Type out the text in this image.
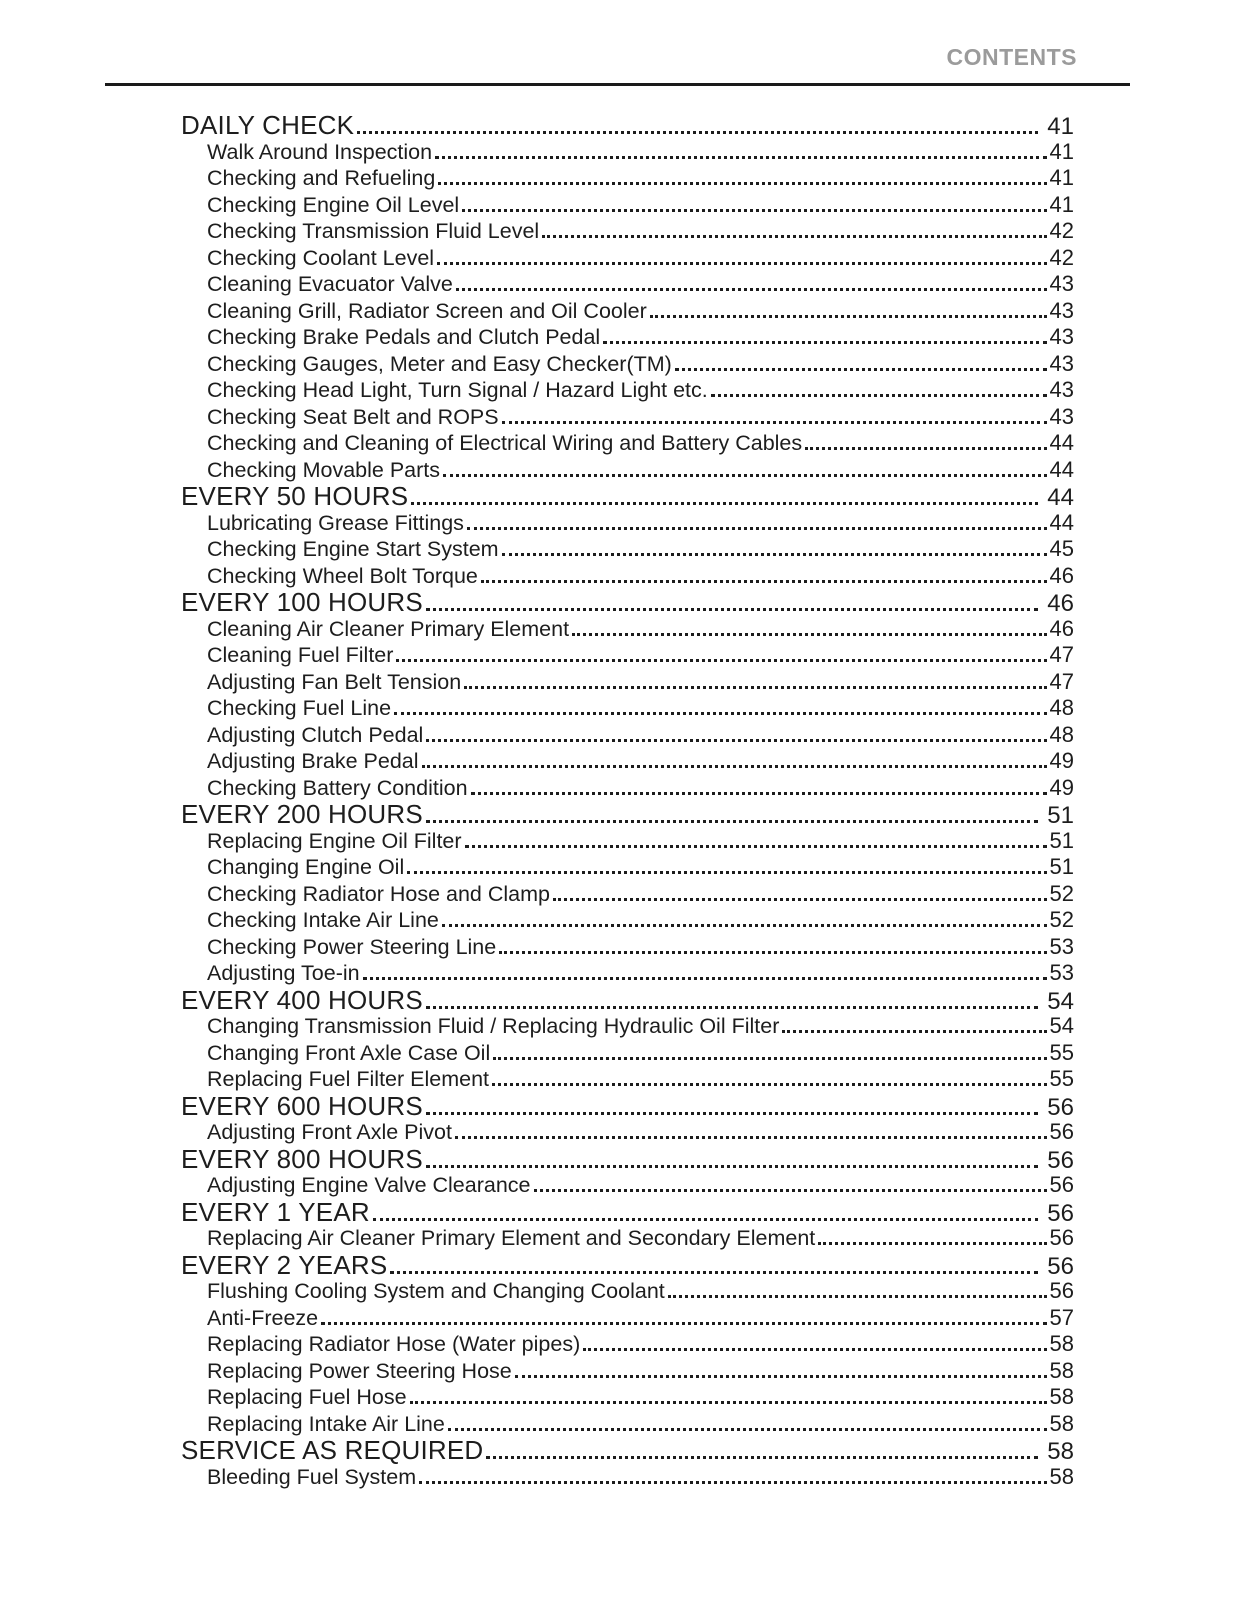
CONTENTS
DAILY CHECK	41
Walk Around Inspection	41
Checking and Refueling	41
Checking Engine Oil Level	41
Checking Transmission Fluid Level	42
Checking Coolant Level	42
Cleaning Evacuator Valve	43
Cleaning Grill, Radiator Screen and Oil Cooler	43
Checking Brake Pedals and Clutch Pedal	43
Checking Gauges, Meter and Easy Checker(TM)	43
Checking Head Light, Turn Signal / Hazard Light etc.	43
Checking Seat Belt and ROPS	43
Checking and Cleaning of Electrical Wiring and Battery Cables	44
Checking Movable Parts	44
EVERY 50 HOURS	44
Lubricating Grease Fittings	44
Checking Engine Start System	45
Checking Wheel Bolt Torque	46
EVERY 100 HOURS	46
Cleaning Air Cleaner Primary Element	46
Cleaning Fuel Filter	47
Adjusting Fan Belt Tension	47
Checking Fuel Line	48
Adjusting Clutch Pedal	48
Adjusting Brake Pedal	49
Checking Battery Condition	49
EVERY 200 HOURS	51
Replacing Engine Oil Filter	51
Changing Engine Oil	51
Checking Radiator Hose and Clamp	52
Checking Intake Air Line	52
Checking Power Steering Line	53
Adjusting Toe-in	53
EVERY 400 HOURS	54
Changing Transmission Fluid / Replacing Hydraulic Oil Filter	54
Changing Front Axle Case Oil	55
Replacing Fuel Filter Element	55
EVERY 600 HOURS	56
Adjusting Front Axle Pivot	56
EVERY 800 HOURS	56
Adjusting Engine Valve Clearance	56
EVERY 1 YEAR	56
Replacing Air Cleaner Primary Element and Secondary Element	56
EVERY 2 YEARS	56
Flushing Cooling System and Changing Coolant	56
Anti-Freeze	57
Replacing Radiator Hose (Water pipes)	58
Replacing Power Steering Hose	58
Replacing Fuel Hose	58
Replacing Intake Air Line	58
SERVICE AS REQUIRED	58
Bleeding Fuel System	58
